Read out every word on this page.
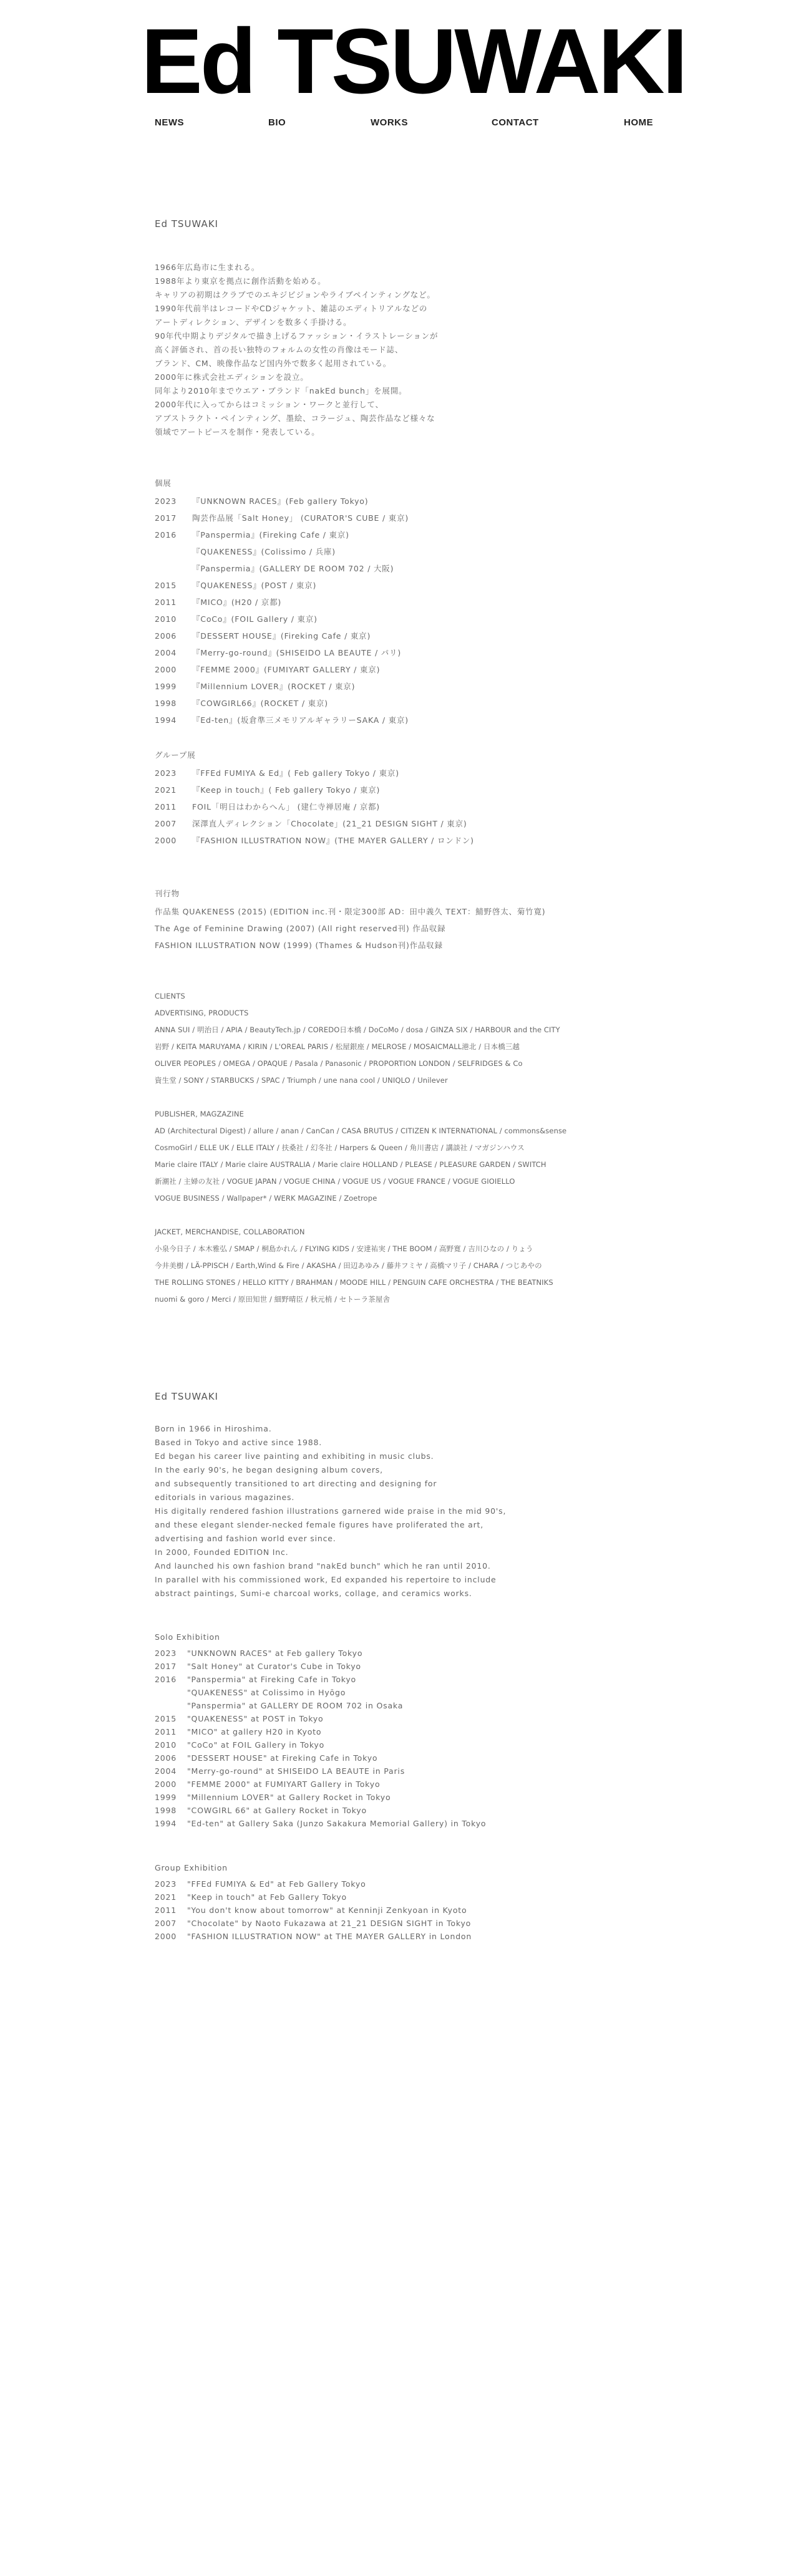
Ed TSUWAKI
NEWS	BIO	WORKS	CONTACT	HOME
Ed TSUWAKI
1966年広島市に生まれる。
1988年より東京を拠点に創作活動を始める。
キャリアの初期はクラブでのエキジビジョンやライブペインティングなど。
1990年代前半はレコードやCDジャケット、雑誌のエディトリアルなどの
アートディレクション、デザインを数多く手掛ける。
90年代中期よりデジタルで描き上げるファッション・イラストレーションが
高く評価され、首の長い独特のフォルムの女性の肖像はモード誌、
ブランド、CM、映像作品など国内外で数多く起用されている。
2000年に株式会社エディションを設立。
同年より2010年までウエア・ブランド「nakEd bunch」を展開。
2000年代に入ってからはコミッション・ワークと並行して、
アブストラクト・ペインティング、墨絵、コラージュ、陶芸作品など様々な
領域でアートピースを制作・発表している。
個展
2023	『UNKNOWN RACES』(Feb gallery Tokyo)
2017	陶芸作品展「Salt Honey」 (CURATOR'S CUBE / 東京)
2016	『Panspermia』(Fireking Cafe / 東京)
『QUAKENESS』(Colissimo / 兵庫)
『Panspermia』(GALLERY DE ROOM 702 / 大阪)
2015	『QUAKENESS』(POST / 東京)
2011	『MICO』(H20 / 京都)
2010	『CoCo』(FOIL Gallery / 東京)
2006	『DESSERT HOUSE』(Fireking Cafe / 東京)
2004	『Merry-go-round』(SHISEIDO LA BEAUTE / パリ)
2000	『FEMME 2000』(FUMIYART GALLERY / 東京)
1999	『Millennium LOVER』(ROCKET / 東京)
1998	『COWGIRL66』(ROCKET / 東京)
1994	『Ed-ten』(坂倉準三メモリアルギャラリーSAKA / 東京)
グループ展
2023	『FFEd FUMIYA & Ed』( Feb gallery Tokyo / 東京)
2021	『Keep in touch』( Feb gallery Tokyo / 東京)
2011	FOIL「明日はわからへん」 (建仁寺禅居庵 / 京都)
2007	深澤直人ディレクション「Chocolate」(21_21 DESIGN SIGHT / 東京)
2000	『FASHION ILLUSTRATION NOW』(THE MAYER GALLERY / ロンドン)
刊行物
作品集 QUAKENESS (2015) (EDITION inc.刊・限定300部 AD：田中義久 TEXT：鯖野啓太、菊竹寛)
The Age of Feminine Drawing (2007) (All right reserved刊) 作品収録
FASHION ILLUSTRATION NOW (1999) (Thames & Hudson刊)作品収録
CLIENTS
ADVERTISING, PRODUCTS
ANNA SUI / 明治日 / APIA / BeautyTech.jp / COREDO日本橋 / DoCoMo / dosa / GINZA SIX / HARBOUR and the CITY
岩野 / KEITA MARUYAMA / KIRIN / L'OREAL PARIS / 松屋銀座 / MELROSE / MOSAICMALL港北 / 日本橋三越
OLIVER PEOPLES / OMEGA / OPAQUE / Pasala / Panasonic / PROPORTION LONDON / SELFRIDGES & Co
資生堂 / SONY / STARBUCKS / SPAC / Triumph / une nana cool / UNIQLO / Unilever
PUBLISHER, MAGZAZINE
AD (Architectural Digest) / allure / anan / CanCan / CASA BRUTUS / CITIZEN K INTERNATIONAL / commons&sense
CosmoGirl / ELLE UK / ELLE ITALY / 扶桑社 / 幻冬社 / Harpers & Queen / 角川書店 / 講談社 / マガジンハウス
Marie claire ITALY / Marie claire AUSTRALIA / Marie claire HOLLAND / PLEASE / PLEASURE GARDEN / SWITCH
新潮社 / 主婦の友社 / VOGUE JAPAN / VOGUE CHINA / VOGUE US / VOGUE FRANCE / VOGUE GIOIELLO
VOGUE BUSINESS / Wallpaper* / WERK MAGAZINE / Zoetrope
JACKET, MERCHANDISE, COLLABORATION
小泉今日子 / 本木雅弘 / SMAP / 桐島かれん / FLYING KIDS / 安達祐実 / THE BOOM / 高野寛 / 吉川ひなの / りょう
今井美樹 / LÄ-PPISCH / Earth,Wind & Fire / AKASHA / 田辺あゆみ / 藤井フミヤ / 高橋マリ子 / CHARA / つじあやの
THE ROLLING STONES / HELLO KITTY / BRAHMAN / MOODE HILL / PENGUIN CAFE ORCHESTRA / THE BEATNIKS
nuomi & goro / Merci / 原田知世 / 細野晴臣 / 秋元梢 / セトーラ茶屋舎
Ed TSUWAKI
Born in 1966 in Hiroshima.
Based in Tokyo and active since 1988.
Ed began his career live painting and exhibiting in music clubs.
In the early 90's, he began designing album covers,
and subsequently transitioned to art directing and designing for
editorials in various magazines.
His digitally rendered fashion illustrations garnered wide praise in the mid 90's,
and these elegant slender-necked female figures have proliferated the art,
advertising and fashion world ever since.
In 2000, Founded EDITION Inc.
And launched his own fashion brand "nakEd bunch" which he ran until 2010.
In parallel with his commissioned work, Ed expanded his repertoire to include
abstract paintings, Sumi-e charcoal works, collage, and ceramics works.
Solo Exhibition
2023	"UNKNOWN RACES" at Feb gallery Tokyo
2017	"Salt Honey" at Curator's Cube in Tokyo
2016	"Panspermia" at Fireking Cafe in Tokyo
"QUAKENESS" at Colissimo in Hyōgo
"Panspermia" at GALLERY DE ROOM 702 in Osaka
2015	"QUAKENESS" at POST in Tokyo
2011	"MICO" at gallery H20 in Kyoto
2010	"CoCo" at FOIL Gallery in Tokyo
2006	"DESSERT HOUSE" at Fireking Cafe in Tokyo
2004	"Merry-go-round" at SHISEIDO LA BEAUTE in Paris
2000	"FEMME 2000" at FUMIYART Gallery in Tokyo
1999	"Millennium LOVER" at Gallery Rocket in Tokyo
1998	"COWGIRL 66" at Gallery Rocket in Tokyo
1994	"Ed-ten" at Gallery Saka (Junzo Sakakura Memorial Gallery) in Tokyo
Group Exhibition
2023	"FFEd FUMIYA & Ed" at Feb Gallery Tokyo
2021	"Keep in touch" at Feb Gallery Tokyo
2011	"You don't know about tomorrow" at Kenninji Zenkyoan in Kyoto
2007	"Chocolate" by Naoto Fukazawa at 21_21 DESIGN SIGHT in Tokyo
2000	"FASHION ILLUSTRATION NOW" at THE MAYER GALLERY in London
